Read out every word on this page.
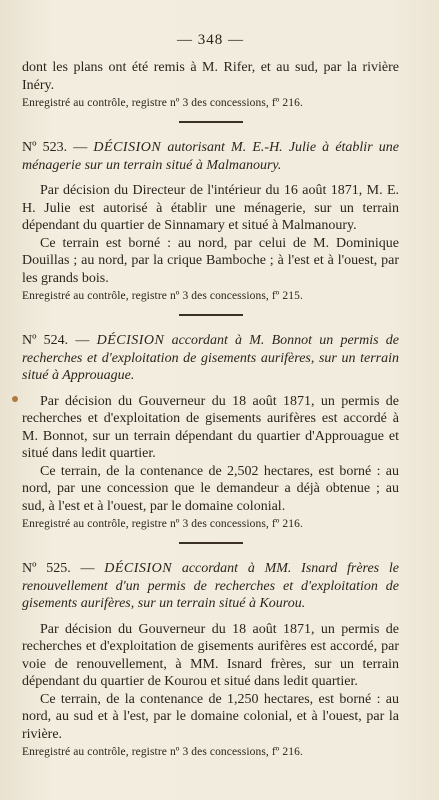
— 348 —

dont les plans ont été remis à M. Rifer, et au sud, par la rivière Inéry.

Enregistré au contrôle, registre nº 3 des concessions, fº 216.

Nº 523. — DÉCISION autorisant M. E.-H. Julie à établir une ménagerie sur un terrain situé à Malmanoury.

Par décision du Directeur de l'intérieur du 16 août 1871, M. E. H. Julie est autorisé à établir une ménagerie, sur un terrain dépendant du quartier de Sinnamary et situé à Malmanoury.

Ce terrain est borné : au nord, par celui de M. Dominique Douillas ; au nord, par la crique Bamboche ; à l'est et à l'ouest, par les grands bois.

Enregistré au contrôle, registre nº 3 des concessions, fº 215.

Nº 524. — DÉCISION accordant à M. Bonnot un permis de recherches et d'exploitation de gisements aurifères, sur un terrain situé à Approuague.

Par décision du Gouverneur du 18 août 1871, un permis de recherches et d'exploitation de gisements aurifères est accordé à M. Bonnot, sur un terrain dépendant du quartier d'Approuague et situé dans ledit quartier.

Ce terrain, de la contenance de 2,502 hectares, est borné : au nord, par une concession que le demandeur a déjà obtenue ; au sud, à l'est et à l'ouest, par le domaine colonial.

Enregistré au contrôle, registre nº 3 des concessions, fº 216.

Nº 525. — DÉCISION accordant à MM. Isnard frères le renouvellement d'un permis de recherches et d'exploitation de gisements aurifères, sur un terrain situé à Kourou.

Par décision du Gouverneur du 18 août 1871, un permis de recherches et d'exploitation de gisements aurifères est accordé, par voie de renouvellement, à MM. Isnard frères, sur un terrain dépendant du quartier de Kourou et situé dans ledit quartier.

Ce terrain, de la contenance de 1,250 hectares, est borné : au nord, au sud et à l'est, par le domaine colonial, et à l'ouest, par la rivière.

Enregistré au contrôle, registre nº 3 des concessions, fº 216.
